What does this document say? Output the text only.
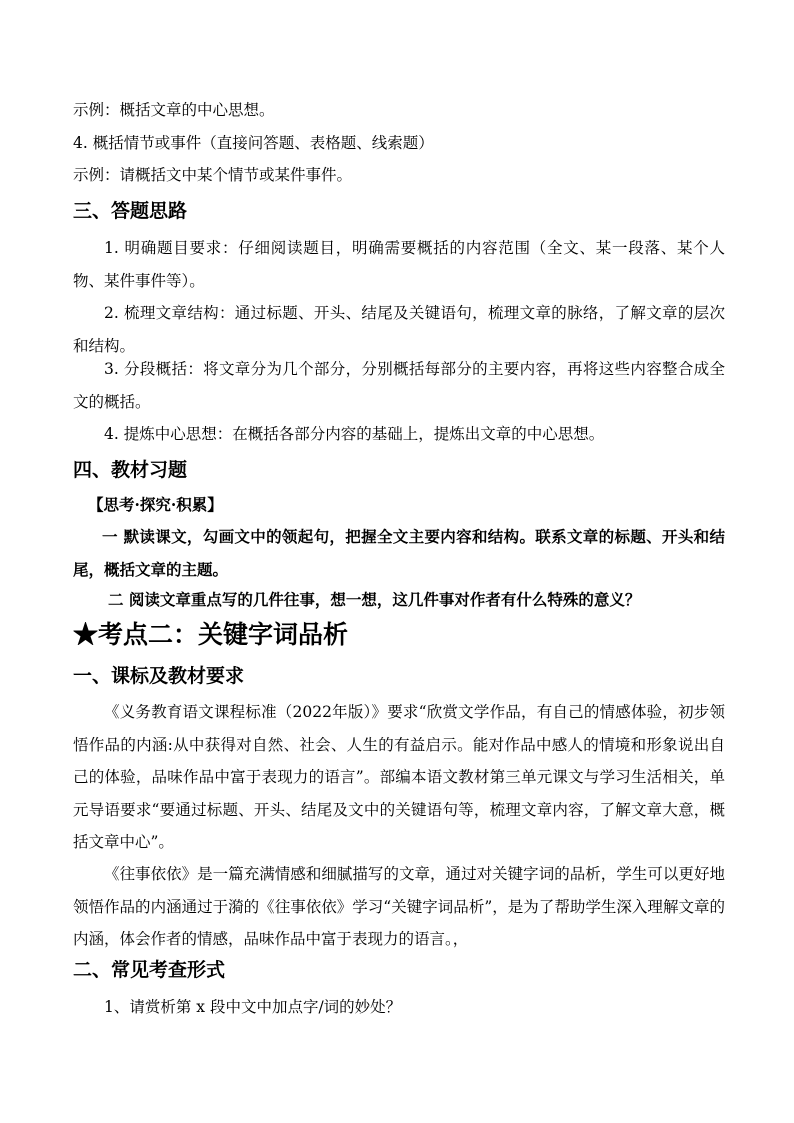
示例：概括文章的中心思想。
4. 概括情节或事件（直接问答题、表格题、线索题）
示例：请概括文中某个情节或某件事件。
三、答题思路
1. 明确题目要求：仔细阅读题目，明确需要概括的内容范围（全文、某一段落、某个人物、某件事件等）。
2. 梳理文章结构：通过标题、开头、结尾及关键语句，梳理文章的脉络，了解文章的层次和结构。
3. 分段概括：将文章分为几个部分，分别概括每部分的主要内容，再将这些内容整合成全文的概括。
4. 提炼中心思想：在概括各部分内容的基础上，提炼出文章的中心思想。
四、教材习题
【思考·探究·积累】
一 默读课文，勾画文中的领起句，把握全文主要内容和结构。联系文章的标题、开头和结尾，概括文章的主题。
二 阅读文章重点写的几件往事，想一想，这几件事对作者有什么特殊的意义？
★考点二：关键字词品析
一、课标及教材要求
《义务教育语文课程标准（2022年版）》要求“欣赏文学作品，有自己的情感体验，初步领悟作品的内涵:从中获得对自然、社会、人生的有益启示。能对作品中感人的情境和形象说出自己的体验，品味作品中富于表现力的语言”。部编本语文教材第三单元课文与学习生活相关，单元导语要求“要通过标题、开头、结尾及文中的关键语句等，梳理文章内容，了解文章大意，概括文章中心”。
《往事依依》是一篇充满情感和细腻描写的文章，通过对关键字词的品析，学生可以更好地领悟作品的内涵通过于漪的《往事依依》学习“关键字词品析”，是为了帮助学生深入理解文章的内涵，体会作者的情感，品味作品中富于表现力的语言。，
二、常见考查形式
1、请赏析第 x 段中文中加点字/词的妙处？
